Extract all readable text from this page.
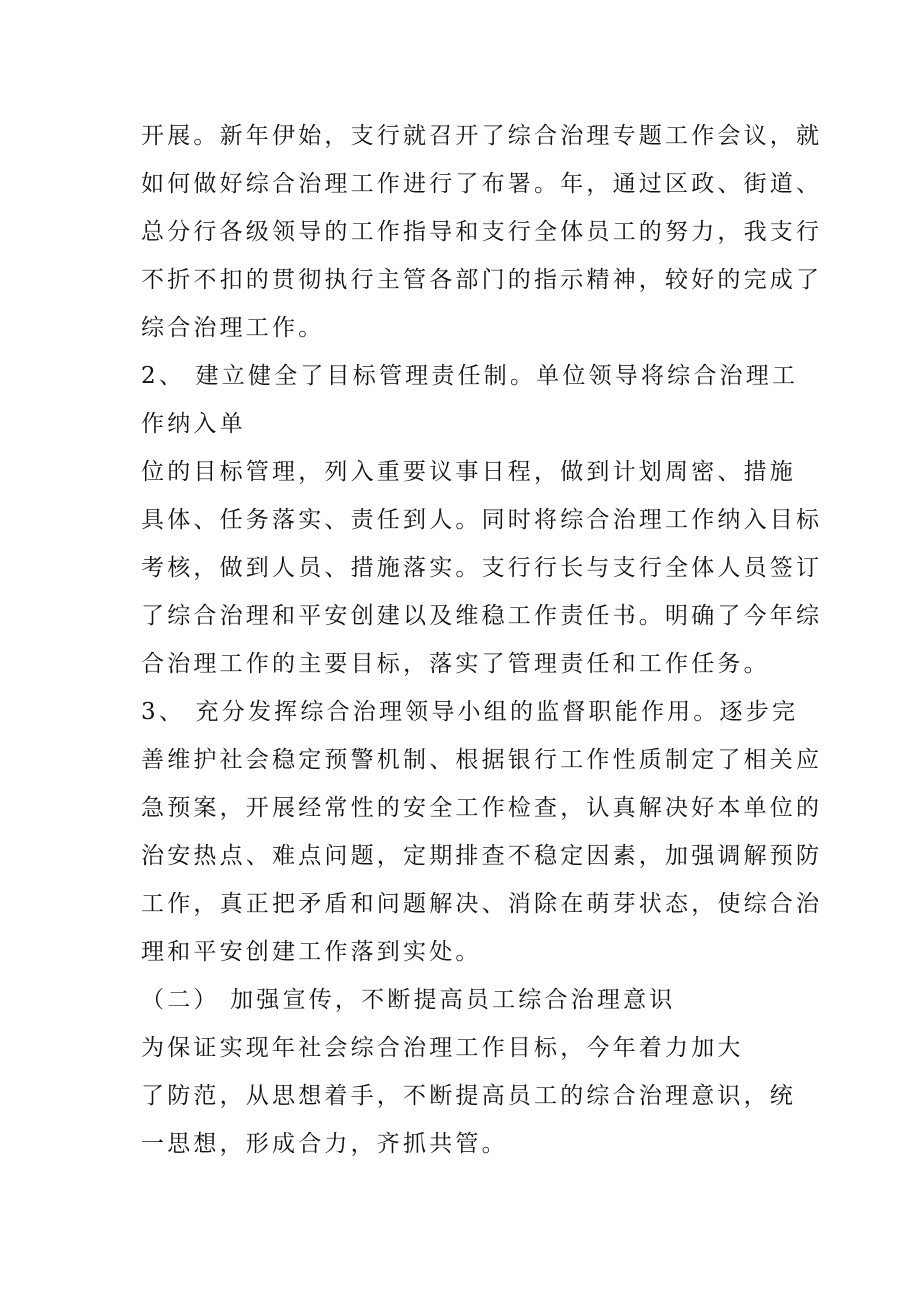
开展。新年伊始，支行就召开了综合治理专题工作会议，就
如何做好综合治理工作进行了布署。年，通过区政、街道、
总分行各级领导的工作指导和支行全体员工的努力，我支行
不折不扣的贯彻执行主管各部门的指示精神，较好的完成了
综合治理工作。
2、 建立健全了目标管理责任制。单位领导将综合治理工
作纳入单
位的目标管理，列入重要议事日程，做到计划周密、措施
具体、任务落实、责任到人。同时将综合治理工作纳入目标
考核，做到人员、措施落实。支行行长与支行全体人员签订
了综合治理和平安创建以及维稳工作责任书。明确了今年综
合治理工作的主要目标，落实了管理责任和工作任务。
3、 充分发挥综合治理领导小组的监督职能作用。逐步完
善维护社会稳定预警机制、根据银行工作性质制定了相关应
急预案，开展经常性的安全工作检查，认真解决好本单位的
治安热点、难点问题，定期排查不稳定因素，加强调解预防
工作，真正把矛盾和问题解决、消除在萌芽状态，使综合治
理和平安创建工作落到实处。
（二） 加强宣传，不断提高员工综合治理意识
为保证实现年社会综合治理工作目标，今年着力加大
了防范，从思想着手，不断提高员工的综合治理意识，统
一思想，形成合力，齐抓共管。
